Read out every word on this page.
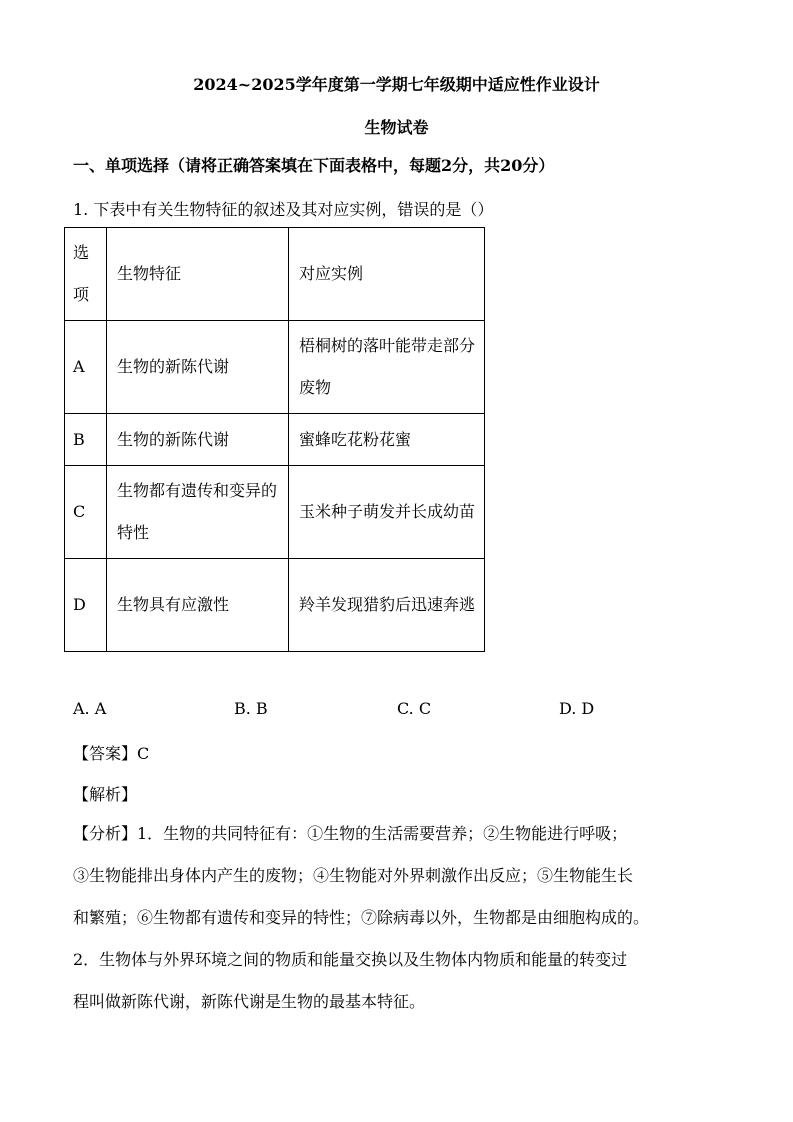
2024~2025学年度第一学期七年级期中适应性作业设计
生物试卷
一、单项选择（请将正确答案填在下面表格中，每题2分，共20分）
1. 下表中有关生物特征的叙述及其对应实例，错误的是（）
选
项	生物特征	对应实例

A	生物的新陈代谢	梧桐树的落叶能带走部分废物

B	生物的新陈代谢	蜜蜂吃花粉花蜜

C	生物都有遗传和变异的特性	玉米种子萌发并长成幼苗

D	生物具有应激性	羚羊发现猎豹后迅速奔逃
A. A	B. B	C. C	D. D
【答案】C
【解析】
【分析】1．生物的共同特征有：①生物的生活需要营养；②生物能进行呼吸；
③生物能排出身体内产生的废物；④生物能对外界刺激作出反应；⑤生物能生长
和繁殖；⑥生物都有遗传和变异的特性；⑦除病毒以外，生物都是由细胞构成的。
2．生物体与外界环境之间的物质和能量交换以及生物体内物质和能量的转变过
程叫做新陈代谢，新陈代谢是生物的最基本特征。
